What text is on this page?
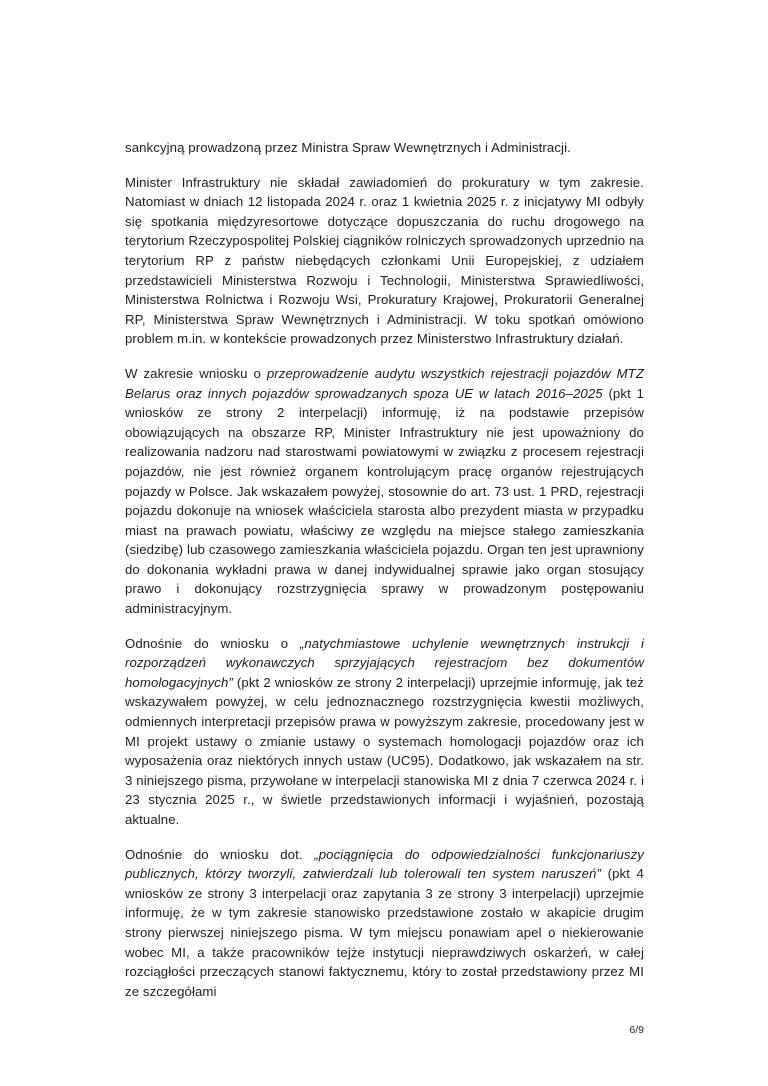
sankcyjną prowadzoną przez Ministra Spraw Wewnętrznych i Administracji.

Minister Infrastruktury nie składał zawiadomień do prokuratury w tym zakresie. Natomiast w dniach 12 listopada 2024 r. oraz 1 kwietnia 2025 r. z inicjatywy MI odbyły się spotkania międzyresortowe dotyczące dopuszczania do ruchu drogowego na terytorium Rzeczypospolitej Polskiej ciągników rolniczych sprowadzonych uprzednio na terytorium RP z państw niebędących członkami Unii Europejskiej, z udziałem przedstawicieli Ministerstwa Rozwoju i Technologii, Ministerstwa Sprawiedliwości, Ministerstwa Rolnictwa i Rozwoju Wsi, Prokuratury Krajowej, Prokuratorii Generalnej RP, Ministerstwa Spraw Wewnętrznych i Administracji. W toku spotkań omówiono problem m.in. w kontekście prowadzonych przez Ministerstwo Infrastruktury działań.

W zakresie wniosku o przeprowadzenie audytu wszystkich rejestracji pojazdów MTZ Belarus oraz innych pojazdów sprowadzanych spoza UE w latach 2016–2025 (pkt 1 wniosków ze strony 2 interpelacji) informuję, iż na podstawie przepisów obowiązujących na obszarze RP, Minister Infrastruktury nie jest upoważniony do realizowania nadzoru nad starostwami powiatowymi w związku z procesem rejestracji pojazdów, nie jest również organem kontrolującym pracę organów rejestrujących pojazdy w Polsce. Jak wskazałem powyżej, stosownie do art. 73 ust. 1 PRD, rejestracji pojazdu dokonuje na wniosek właściciela starosta albo prezydent miasta w przypadku miast na prawach powiatu, właściwy ze względu na miejsce stałego zamieszkania (siedzibę) lub czasowego zamieszkania właściciela pojazdu. Organ ten jest uprawniony do dokonania wykładni prawa w danej indywidualnej sprawie jako organ stosujący prawo i dokonujący rozstrzygnięcia sprawy w prowadzonym postępowaniu administracyjnym.

Odnośnie do wniosku o „natychmiastowe uchylenie wewnętrznych instrukcji i rozporządzeń wykonawczych sprzyjających rejestracjom bez dokumentów homologacyjnych” (pkt 2 wniosków ze strony 2 interpelacji) uprzejmie informuję, jak też wskazywałem powyżej, w celu jednoznacznego rozstrzygnięcia kwestii możliwych, odmiennych interpretacji przepisów prawa w powyższym zakresie, procedowany jest w MI projekt ustawy o zmianie ustawy o systemach homologacji pojazdów oraz ich wyposażenia oraz niektórych innych ustaw (UC95). Dodatkowo, jak wskazałem na str. 3 niniejszego pisma, przywołane w interpelacji stanowiska MI z dnia 7 czerwca 2024 r. i 23 stycznia 2025 r., w świetle przedstawionych informacji i wyjaśnień, pozostają aktualne.

Odnośnie do wniosku dot. „pociągnięcia do odpowiedzialności funkcjonariuszy publicznych, którzy tworzyli, zatwierdzali lub tolerowali ten system naruszeń” (pkt 4 wniosków ze strony 3 interpelacji oraz zapytania 3 ze strony 3 interpelacji) uprzejmie informuję, że w tym zakresie stanowisko przedstawione zostało w akapicie drugim strony pierwszej niniejszego pisma. W tym miejscu ponawiam apel o niekierowanie wobec MI, a także pracowników tejże instytucji nieprawdziwych oskarżeń, w całej rozciągłości przeczących stanowi faktycznemu, który to został przedstawiony przez MI ze szczegółami

6/9
